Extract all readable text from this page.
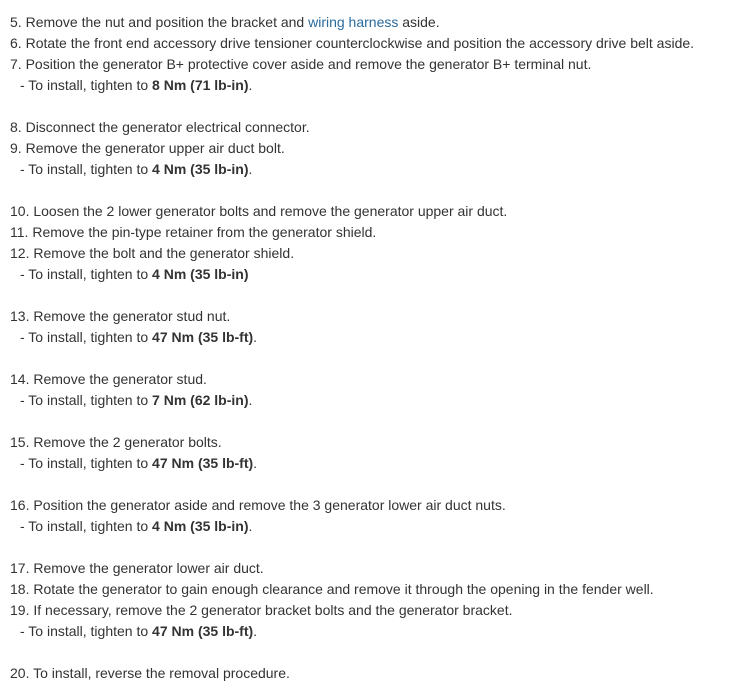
5. Remove the nut and position the bracket and wiring harness aside.
6. Rotate the front end accessory drive tensioner counterclockwise and position the accessory drive belt aside.
7. Position the generator B+ protective cover aside and remove the generator B+ terminal nut.
- To install, tighten to 8 Nm (71 lb-in).
8. Disconnect the generator electrical connector.
9. Remove the generator upper air duct bolt.
- To install, tighten to 4 Nm (35 lb-in).
10. Loosen the 2 lower generator bolts and remove the generator upper air duct.
11. Remove the pin-type retainer from the generator shield.
12. Remove the bolt and the generator shield.
- To install, tighten to 4 Nm (35 lb-in)
13. Remove the generator stud nut.
- To install, tighten to 47 Nm (35 lb-ft).
14. Remove the generator stud.
- To install, tighten to 7 Nm (62 lb-in).
15. Remove the 2 generator bolts.
- To install, tighten to 47 Nm (35 lb-ft).
16. Position the generator aside and remove the 3 generator lower air duct nuts.
- To install, tighten to 4 Nm (35 lb-in).
17. Remove the generator lower air duct.
18. Rotate the generator to gain enough clearance and remove it through the opening in the fender well.
19. If necessary, remove the 2 generator bracket bolts and the generator bracket.
- To install, tighten to 47 Nm (35 lb-ft).
20. To install, reverse the removal procedure.
